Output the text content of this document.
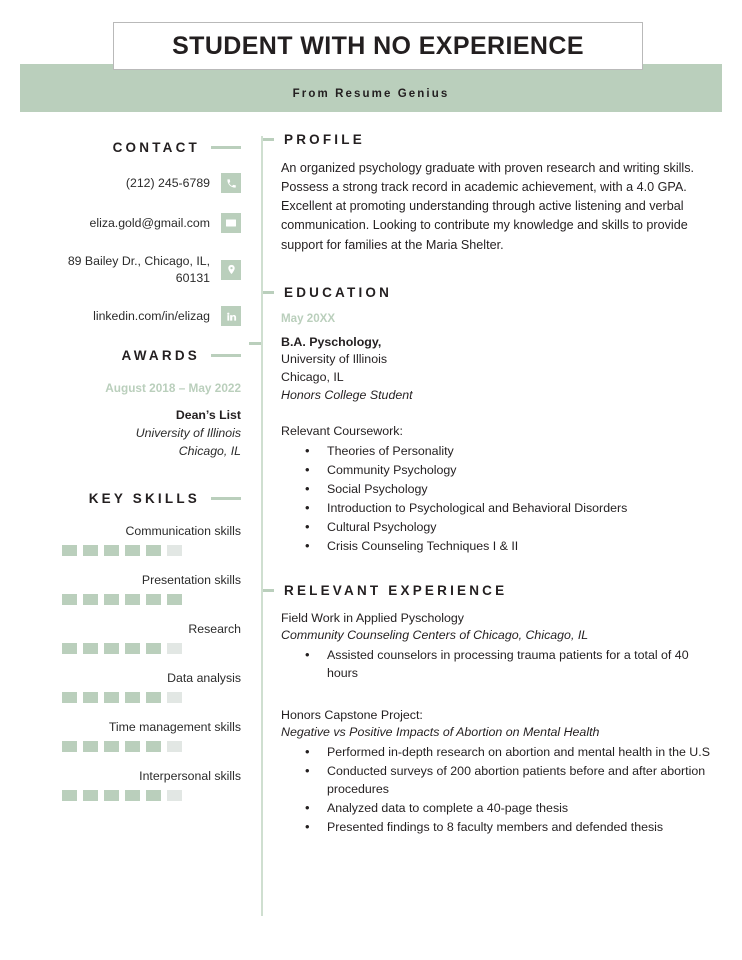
STUDENT WITH NO EXPERIENCE
From Resume Genius
CONTACT
(212) 245-6789
eliza.gold@gmail.com
89 Bailey Dr., Chicago, IL, 60131
linkedin.com/in/elizag
AWARDS
August 2018 – May 2022
Dean’s List
University of Illinois
Chicago, IL
KEY SKILLS
Communication skills
Presentation skills
Research
Data analysis
Time management skills
Interpersonal skills
PROFILE

An organized psychology graduate with proven research and writing skills. Possess a strong track record in academic achievement, with a 4.0 GPA. Excellent at promoting understanding through active listening and verbal communication. Looking to contribute my knowledge and skills to provide support for families at the Maria Shelter.

EDUCATION
May 20XX
B.A. Pyschology,
University of Illinois
Chicago, IL
Honors College Student
Relevant Coursework:
• Theories of Personality
• Community Psychology
• Social Psychology
• Introduction to Psychological and Behavioral Disorders
• Cultural Psychology
• Crisis Counseling Techniques I & II
RELEVANT EXPERIENCE
Field Work in Applied Pyschology
Community Counseling Centers of Chicago, Chicago, IL
• Assisted counselors in processing trauma patients for a total of 40 hours
Honors Capstone Project:
Negative vs Positive Impacts of Abortion on Mental Health
• Performed in-depth research on abortion and mental health in the U.S
• Conducted surveys of 200 abortion patients before and after abortion procedures
• Analyzed data to complete a 40-page thesis
• Presented findings to 8 faculty members and defended thesis
